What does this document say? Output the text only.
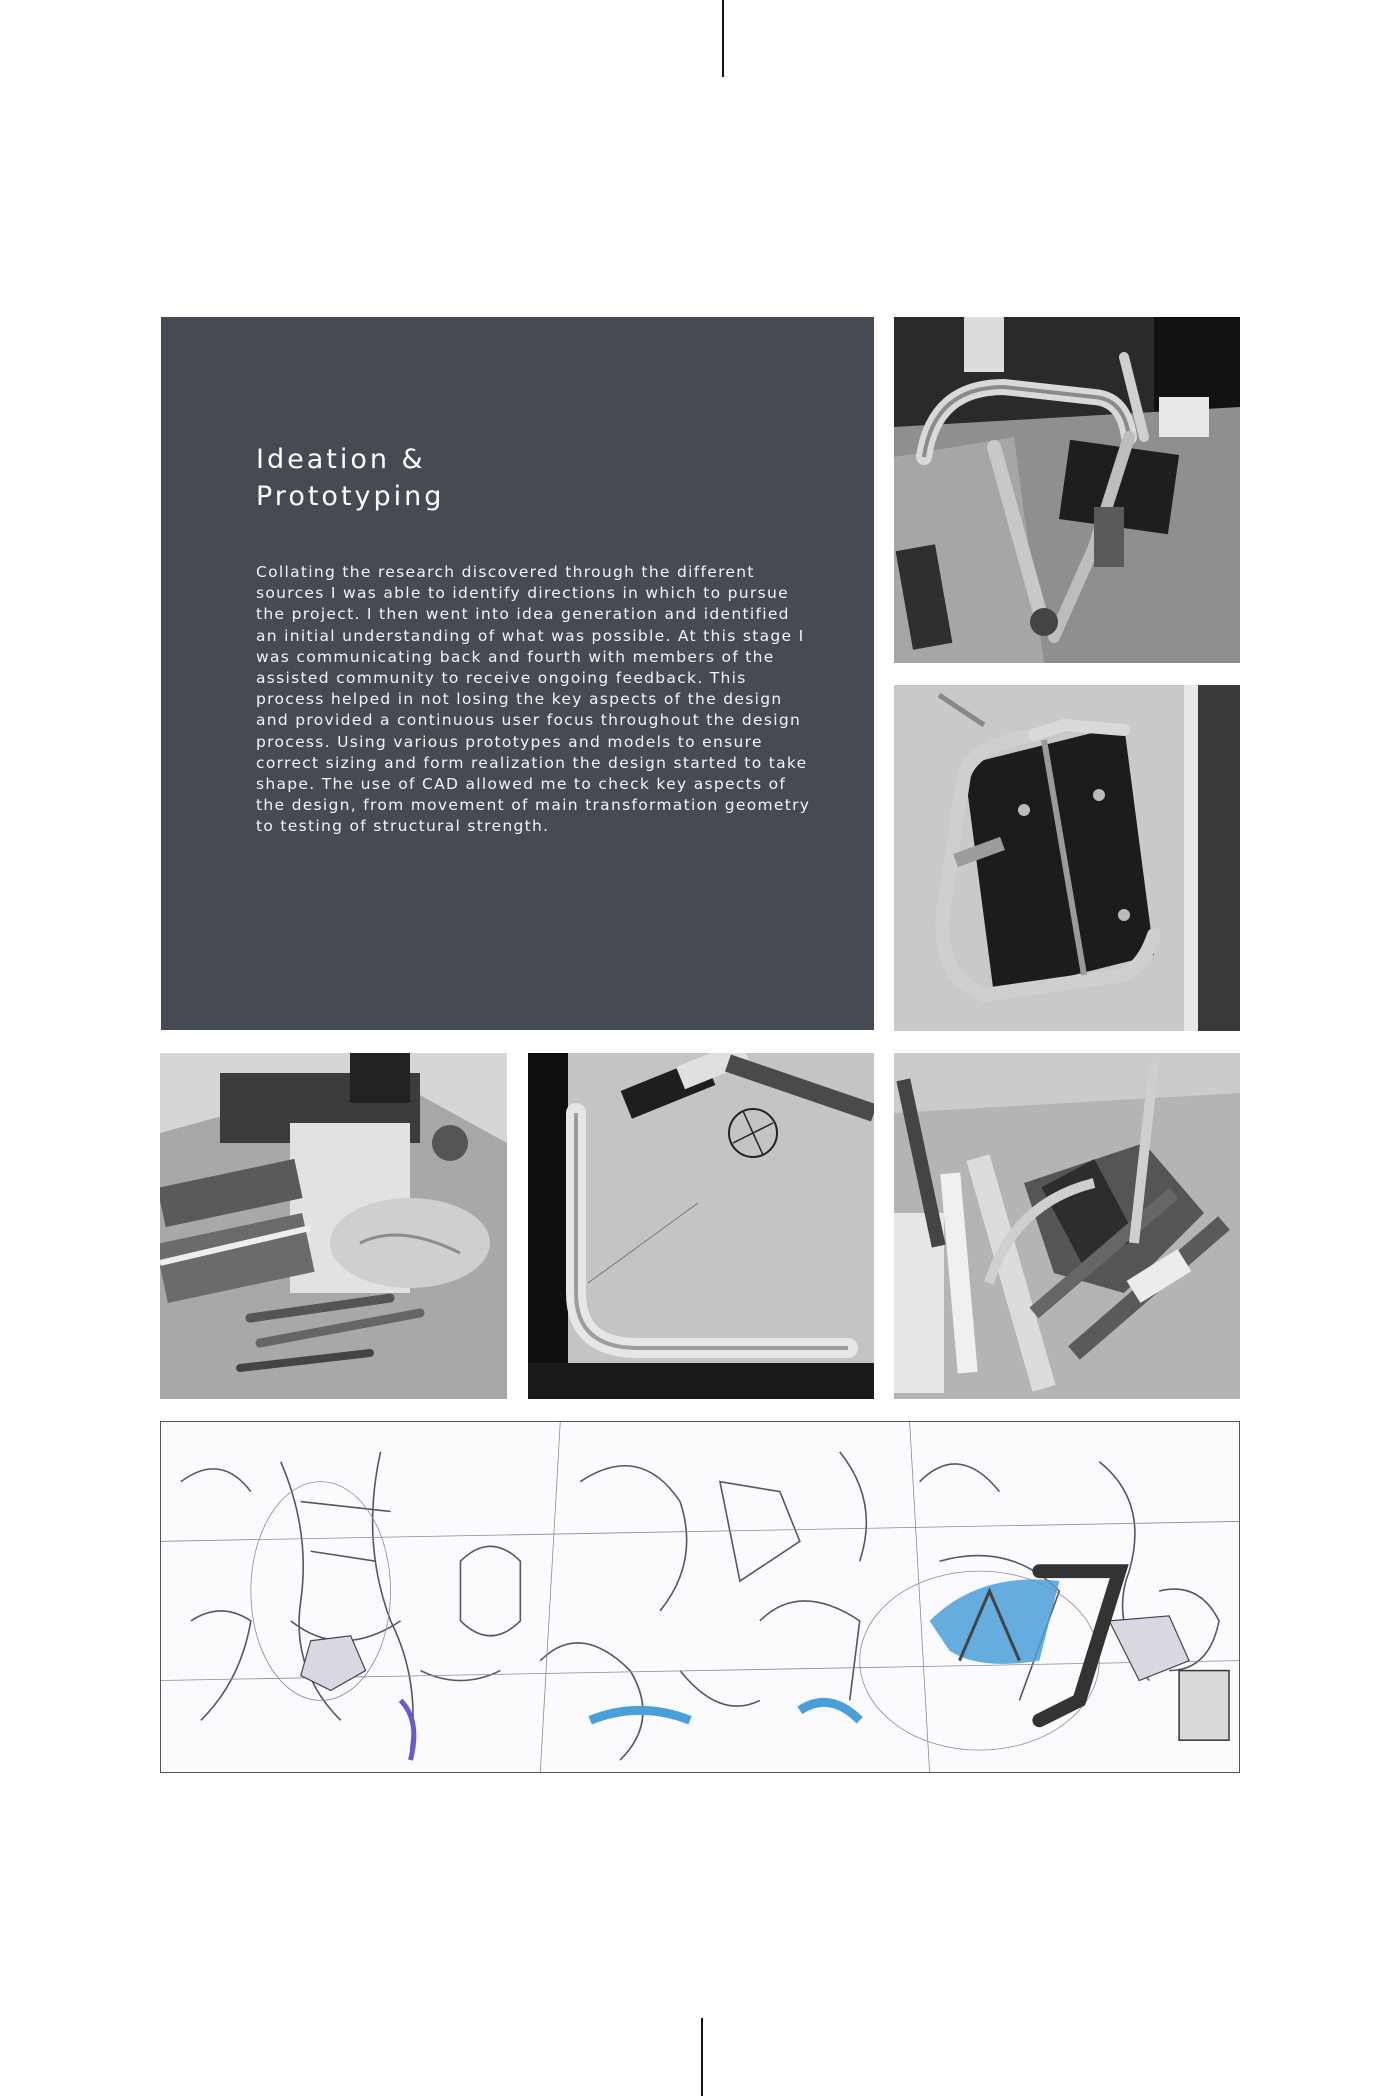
Ideation &
Prototyping

Collating the research discovered through the different sources I was able to identify directions in which to pursue the project. I then went into idea generation and identified an initial understanding of what was possible. At this stage I was communicating back and fourth with members of the assisted community to receive ongoing feedback. This process helped in not losing the key aspects of the design and provided a continuous user focus throughout the design process. Using various prototypes and models to ensure correct sizing and form realization the design started to take shape. The use of CAD allowed me to check key aspects of the design, from movement of main transformation geometry to testing of structural strength.
